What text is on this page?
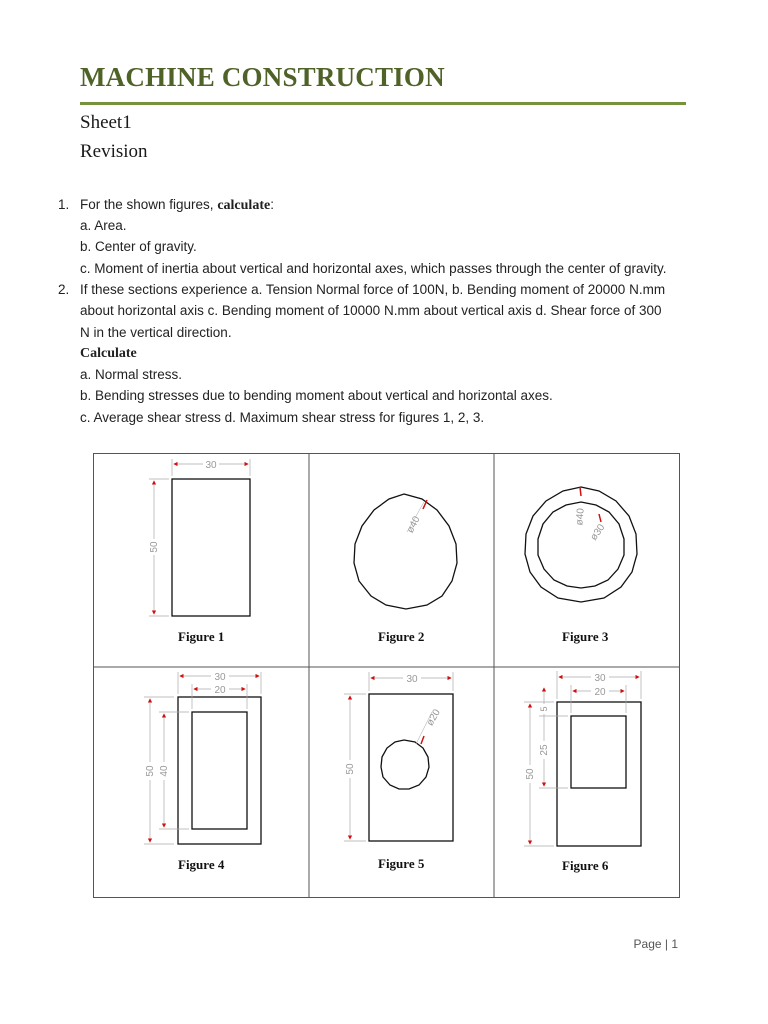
MACHINE CONSTRUCTION
Sheet1
Revision
1. For the shown figures, calculate:
a. Area.
b. Center of gravity.
c. Moment of inertia about vertical and horizontal axes, which passes through the center of gravity.
2. If these sections experience a. Tension Normal force of 100N, b. Bending moment of 20000 N.mm
about horizontal axis c. Bending moment of 10000 N.mm about vertical axis d. Shear force of 300
N in the vertical direction.
Calculate
a. Normal stress.
b. Bending stresses due to bending moment about vertical and horizontal axes.
c. Average shear stress d. Maximum shear stress for figures 1, 2, 3.
30
50
ø40	ø40
ø30
30
20
50 40
30
50
ø20
30
20
50
5
25
Figure 1	Figure 2	Figure 3
Figure 4	Figure 5	Figure 6
Page | 1
